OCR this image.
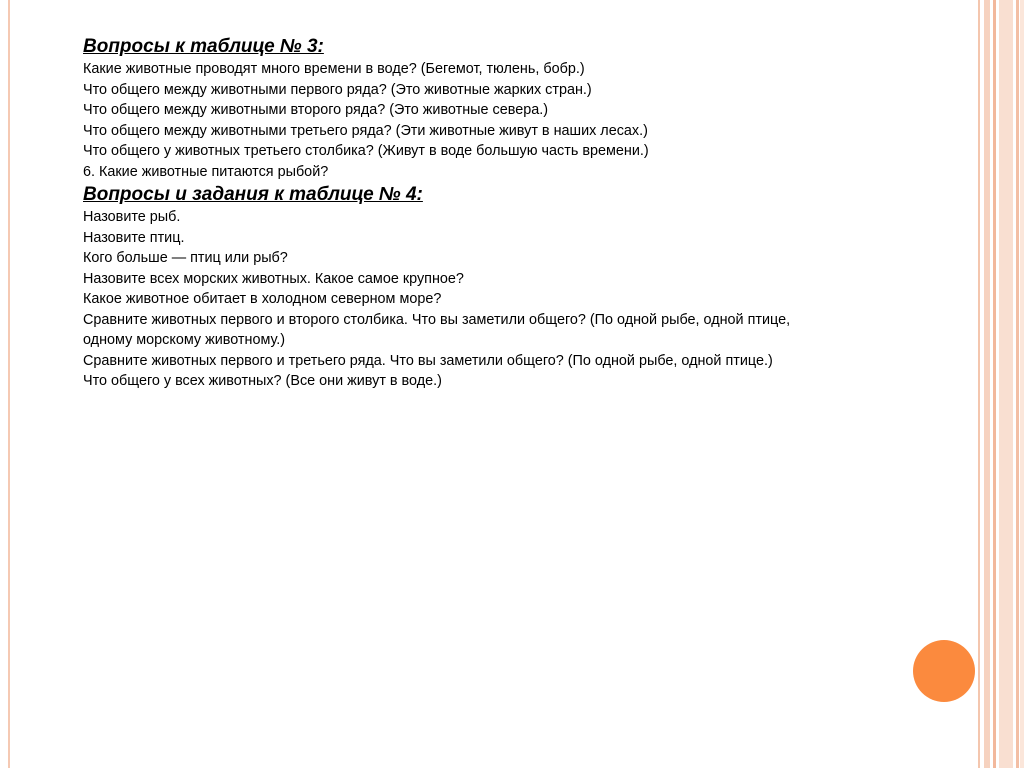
Вопросы к таблице № 3:

Какие животные проводят много времени в воде? (Бегемот, тюлень, бобр.)

Что общего между животными первого ряда? (Это животные жарких стран.)

Что общего между животными второго ряда? (Это животные севера.)

Что общего между животными третьего ряда? (Эти животные живут в наших лесах.)

Что общего у животных третьего столбика? (Живут в воде большую часть времени.)

6. Какие животные питаются рыбой?

Вопросы и задания к таблице № 4:

Назовите рыб.

Назовите птиц.

Кого больше — птиц или рыб?

Назовите всех морских животных. Какое самое крупное?

Какое животное обитает в холодном северном море?

Сравните животных первого и второго столбика. Что вы заметили общего? (По одной рыбе, одной птице, одному морскому животному.)

Сравните животных первого и третьего ряда. Что вы заметили общего? (По одной рыбе, одной птице.)

Что общего у всех животных? (Все они живут в воде.)
